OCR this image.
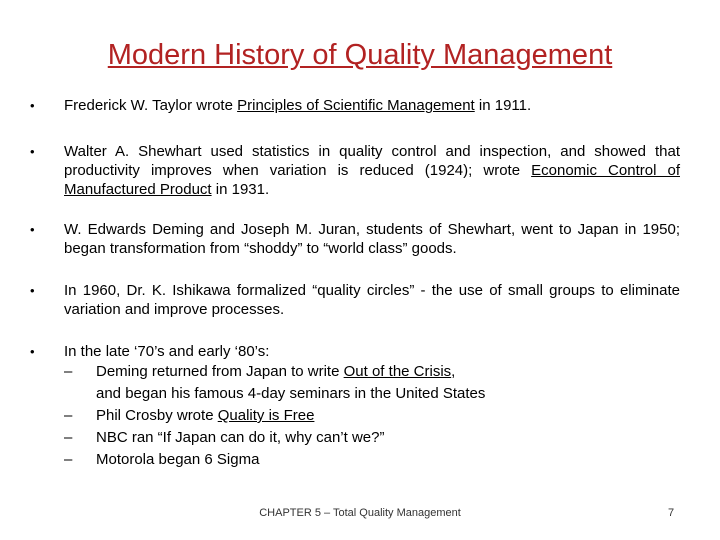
Modern History of Quality Management
• Frederick W. Taylor wrote Principles of Scientific Management in 1911.
• Walter A. Shewhart used statistics in quality control and inspection, and showed that productivity improves when variation is reduced (1924); wrote Economic Control of Manufactured Product in 1931.
• W. Edwards Deming and Joseph M. Juran, students of Shewhart, went to Japan in 1950; began transformation from “shoddy” to “world class” goods.
• In 1960, Dr. K. Ishikawa formalized “quality circles” - the use of small groups to eliminate variation and improve processes.
• In the late ‘70’s and early ‘80’s:
– Deming returned from Japan to write Out of the Crisis,
and began his famous 4-day seminars in the United States
– Phil Crosby wrote Quality is Free
– NBC ran “If Japan can do it, why can’t we?”
– Motorola began 6 Sigma
CHAPTER 5 – Total Quality Management	7
